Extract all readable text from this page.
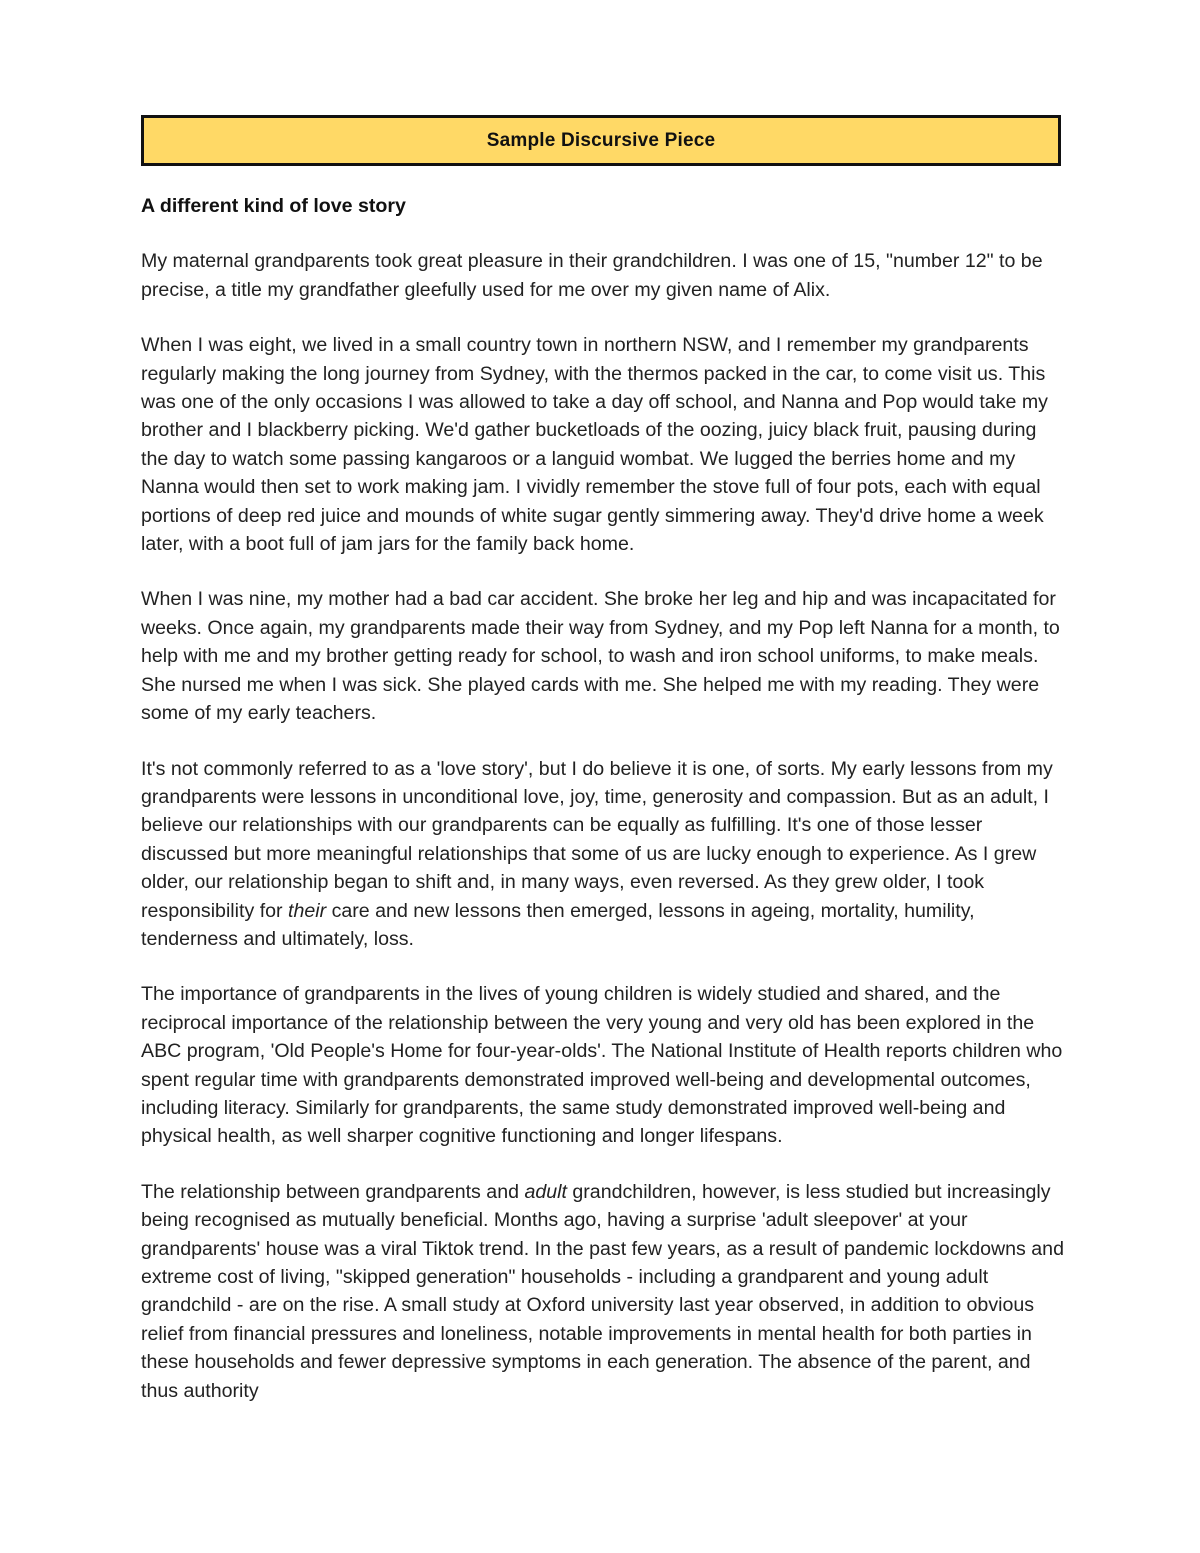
Sample Discursive Piece
A different kind of love story

My maternal grandparents took great pleasure in their grandchildren. I was one of 15, "number 12" to be precise, a title my grandfather gleefully used for me over my given name of Alix.

When I was eight, we lived in a small country town in northern NSW, and I remember my grandparents regularly making the long journey from Sydney, with the thermos packed in the car, to come visit us. This was one of the only occasions I was allowed to take a day off school, and Nanna and Pop would take my brother and I blackberry picking. We'd gather bucketloads of the oozing, juicy black fruit, pausing during the day to watch some passing kangaroos or a languid wombat. We lugged the berries home and my Nanna would then set to work making jam. I vividly remember the stove full of four pots, each with equal portions of deep red juice and mounds of white sugar gently simmering away. They'd drive home a week later, with a boot full of jam jars for the family back home.

When I was nine, my mother had a bad car accident. She broke her leg and hip and was incapacitated for weeks. Once again, my grandparents made their way from Sydney, and my Pop left Nanna for a month, to help with me and my brother getting ready for school, to wash and iron school uniforms, to make meals. She nursed me when I was sick. She played cards with me. She helped me with my reading. They were some of my early teachers.

It's not commonly referred to as a 'love story', but I do believe it is one, of sorts. My early lessons from my grandparents were lessons in unconditional love, joy, time, generosity and compassion. But as an adult, I believe our relationships with our grandparents can be equally as fulfilling. It's one of those lesser discussed but more meaningful relationships that some of us are lucky enough to experience. As I grew older, our relationship began to shift and, in many ways, even reversed. As they grew older, I took responsibility for their care and new lessons then emerged, lessons in ageing, mortality, humility, tenderness and ultimately, loss.

The importance of grandparents in the lives of young children is widely studied and shared, and the reciprocal importance of the relationship between the very young and very old has been explored in the ABC program, 'Old People's Home for four-year-olds'. The National Institute of Health reports children who spent regular time with grandparents demonstrated improved well-being and developmental outcomes, including literacy. Similarly for grandparents, the same study demonstrated improved well-being and physical health, as well sharper cognitive functioning and longer lifespans.

The relationship between grandparents and adult grandchildren, however, is less studied but increasingly being recognised as mutually beneficial. Months ago, having a surprise 'adult sleepover' at your grandparents' house was a viral Tiktok trend. In the past few years, as a result of pandemic lockdowns and extreme cost of living, "skipped generation" households - including a grandparent and young adult grandchild - are on the rise. A small study at Oxford university last year observed, in addition to obvious relief from financial pressures and loneliness, notable improvements in mental health for both parties in these households and fewer depressive symptoms in each generation. The absence of the parent, and thus authority
